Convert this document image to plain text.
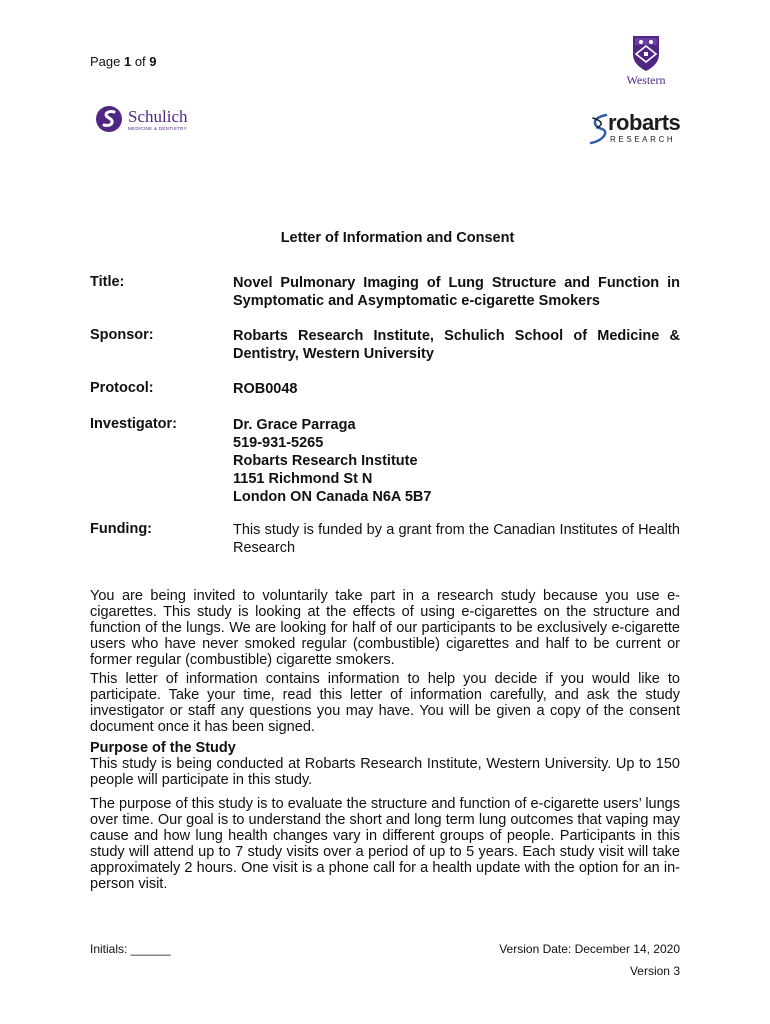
Page 1 of 9
Western
Schulich
MEDICINE & DENTISTRY	robarts
RESEARCH
Letter of Information and Consent
Title:	Novel Pulmonary Imaging of Lung Structure and Function in
Symptomatic and Asymptomatic e-cigarette Smokers
Sponsor:	Robarts Research Institute, Schulich School of Medicine &
Dentistry, Western University
Protocol:	ROB0048
Investigator:	Dr. Grace Parraga
519-931-5265
Robarts Research Institute
1151 Richmond St N
London ON Canada N6A 5B7
Funding:	This study is funded by a grant from the Canadian Institutes of Health Research
You are being invited to voluntarily take part in a research study because you use e-cigarettes. This study is looking at the effects of using e-cigarettes on the structure and function of the lungs. We are looking for half of our participants to be exclusively e-cigarette users who have never smoked regular (combustible) cigarettes and half to be current or former regular (combustible) cigarette smokers.
This letter of information contains information to help you decide if you would like to participate. Take your time, read this letter of information carefully, and ask the study investigator or staff any questions you may have. You will be given a copy of the consent document once it has been signed.
Purpose of the Study
This study is being conducted at Robarts Research Institute, Western University. Up to 150 people will participate in this study.
The purpose of this study is to evaluate the structure and function of e-cigarette users’ lungs over time. Our goal is to understand the short and long term lung outcomes that vaping may cause and how lung health changes vary in different groups of people. Participants in this study will attend up to 7 study visits over a period of up to 5 years. Each study visit will take approximately 2 hours. One visit is a phone call for a health update with the option for an in-person visit.
Initials: ______	Version Date: December 14, 2020
Version 3
